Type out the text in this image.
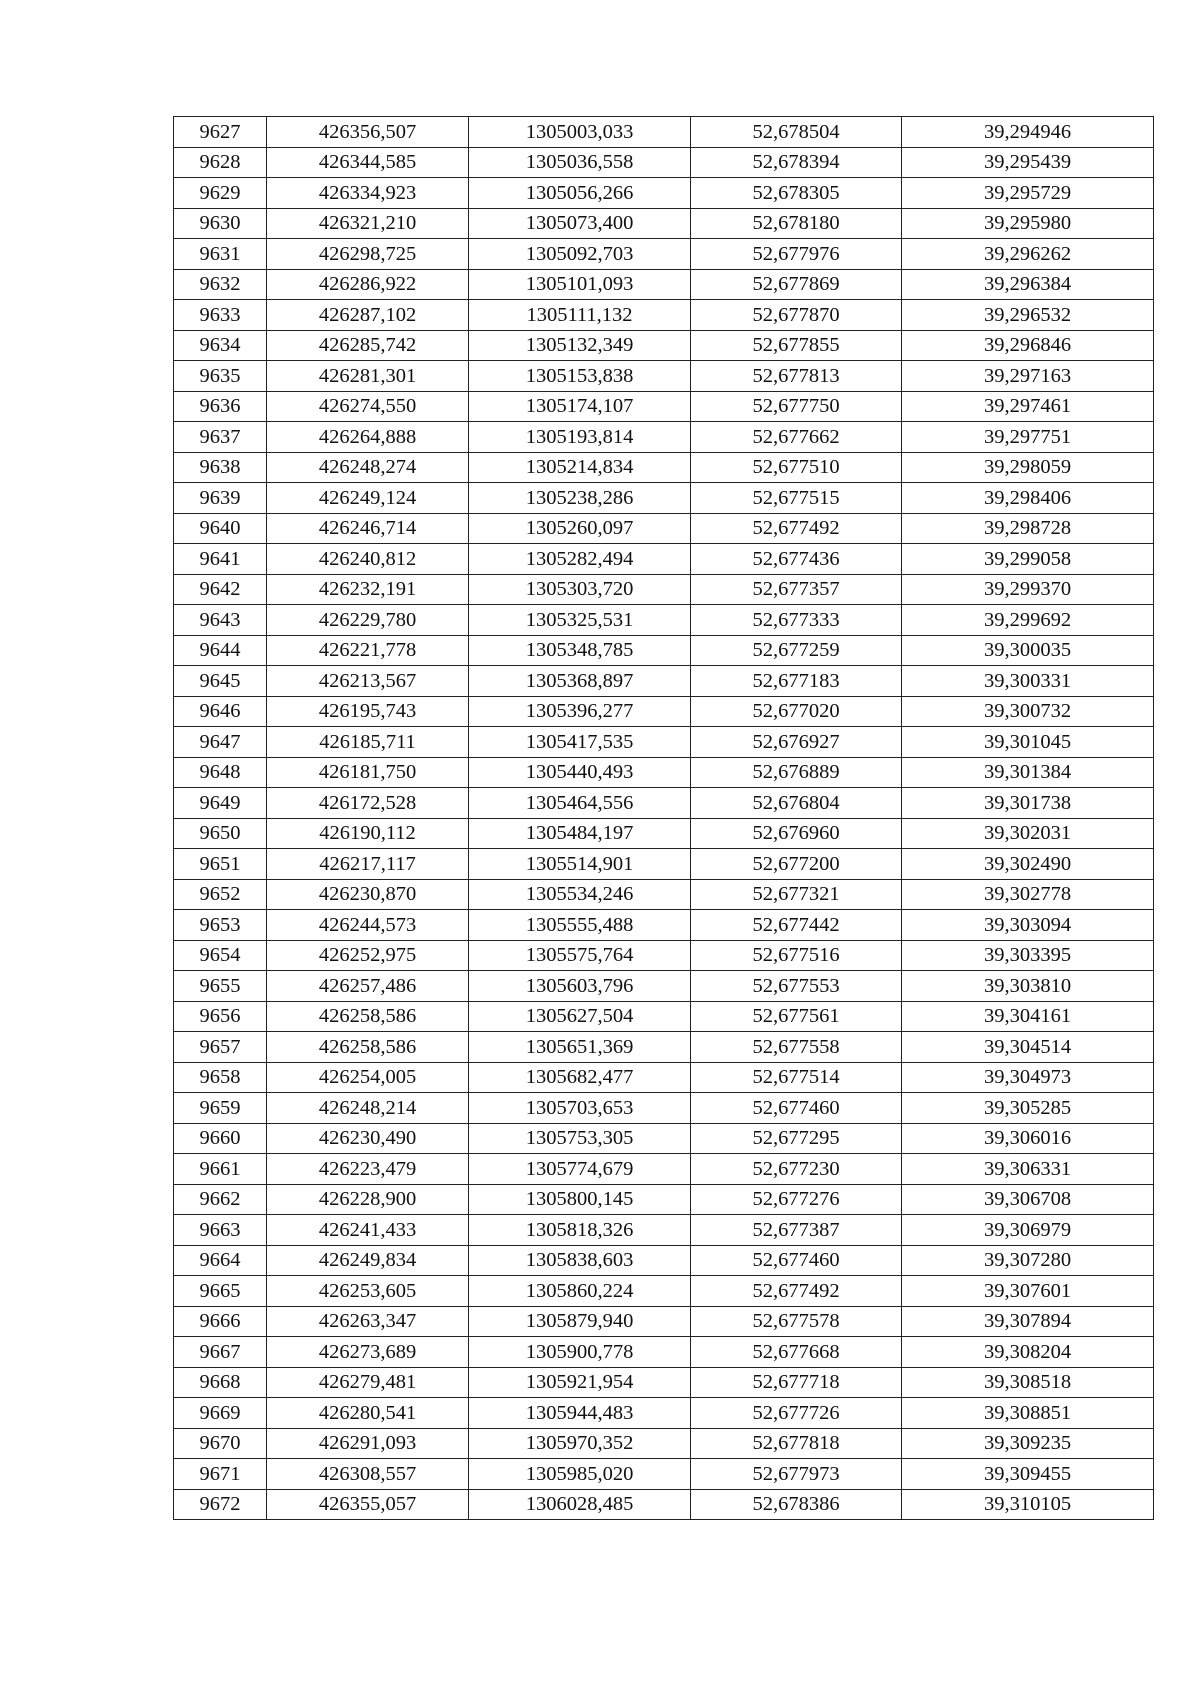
9627	426356,507	1305003,033	52,678504	39,294946
9628	426344,585	1305036,558	52,678394	39,295439
9629	426334,923	1305056,266	52,678305	39,295729
9630	426321,210	1305073,400	52,678180	39,295980
9631	426298,725	1305092,703	52,677976	39,296262
9632	426286,922	1305101,093	52,677869	39,296384
9633	426287,102	1305111,132	52,677870	39,296532
9634	426285,742	1305132,349	52,677855	39,296846
9635	426281,301	1305153,838	52,677813	39,297163
9636	426274,550	1305174,107	52,677750	39,297461
9637	426264,888	1305193,814	52,677662	39,297751
9638	426248,274	1305214,834	52,677510	39,298059
9639	426249,124	1305238,286	52,677515	39,298406
9640	426246,714	1305260,097	52,677492	39,298728
9641	426240,812	1305282,494	52,677436	39,299058
9642	426232,191	1305303,720	52,677357	39,299370
9643	426229,780	1305325,531	52,677333	39,299692
9644	426221,778	1305348,785	52,677259	39,300035
9645	426213,567	1305368,897	52,677183	39,300331
9646	426195,743	1305396,277	52,677020	39,300732
9647	426185,711	1305417,535	52,676927	39,301045
9648	426181,750	1305440,493	52,676889	39,301384
9649	426172,528	1305464,556	52,676804	39,301738
9650	426190,112	1305484,197	52,676960	39,302031
9651	426217,117	1305514,901	52,677200	39,302490
9652	426230,870	1305534,246	52,677321	39,302778
9653	426244,573	1305555,488	52,677442	39,303094
9654	426252,975	1305575,764	52,677516	39,303395
9655	426257,486	1305603,796	52,677553	39,303810
9656	426258,586	1305627,504	52,677561	39,304161
9657	426258,586	1305651,369	52,677558	39,304514
9658	426254,005	1305682,477	52,677514	39,304973
9659	426248,214	1305703,653	52,677460	39,305285
9660	426230,490	1305753,305	52,677295	39,306016
9661	426223,479	1305774,679	52,677230	39,306331
9662	426228,900	1305800,145	52,677276	39,306708
9663	426241,433	1305818,326	52,677387	39,306979
9664	426249,834	1305838,603	52,677460	39,307280
9665	426253,605	1305860,224	52,677492	39,307601
9666	426263,347	1305879,940	52,677578	39,307894
9667	426273,689	1305900,778	52,677668	39,308204
9668	426279,481	1305921,954	52,677718	39,308518
9669	426280,541	1305944,483	52,677726	39,308851
9670	426291,093	1305970,352	52,677818	39,309235
9671	426308,557	1305985,020	52,677973	39,309455
9672	426355,057	1306028,485	52,678386	39,310105
